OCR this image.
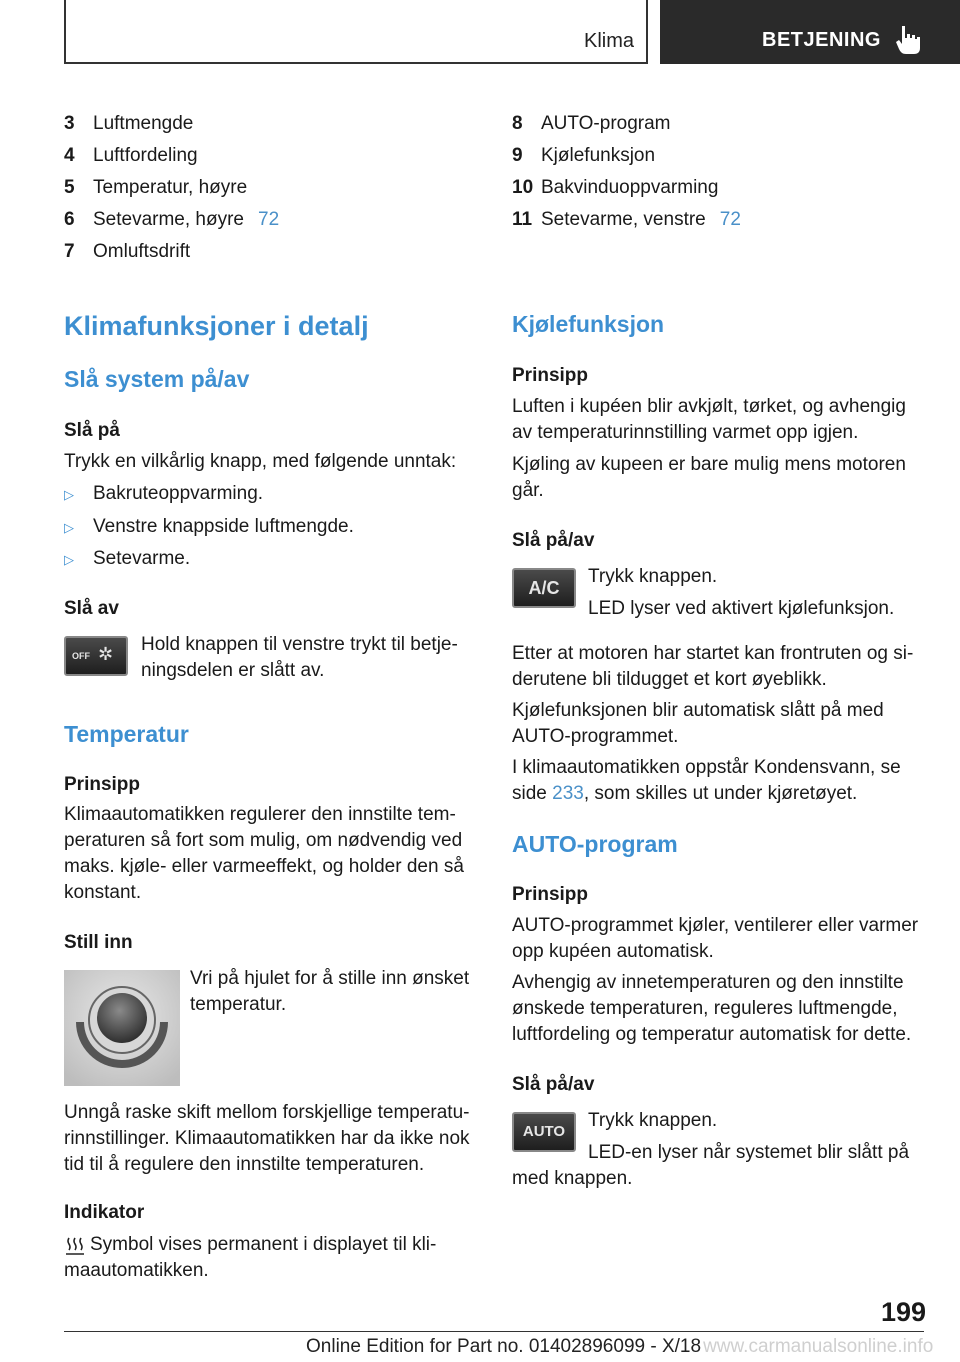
Klima	BETJENING
3 Luftmengde
4 Luftfordeling
5 Temperatur, høyre
6 Setevarme, høyre 72
7 Omluftsdrift
8 AUTO-program
9 Kjølefunksjon
10 Bakvinduoppvarming
11 Setevarme, venstre 72
Klimafunksjoner i detalj
Slå system på/av
Slå på
Trykk en vilkårlig knapp, med følgende unntak:
▷ Bakruteoppvarming.
▷ Venstre knappside luftmengde.
▷ Setevarme.
Slå av
OFF ✲ Hold knappen til venstre trykt til betje-
ningsdelen er slått av.
Temperatur
Prinsipp
Klimaautomatikken regulerer den innstilte tem-
peraturen så fort som mulig, om nødvendig ved
maks. kjøle- eller varmeeffekt, og holder den så
konstant.
Still inn
Vri på hjulet for å stille inn ønsket
temperatur.
Unngå raske skift mellom forskjellige temperatu-
rinnstillinger. Klimaautomatikken har da ikke nok
tid til å regulere den innstilte temperaturen.
Indikator
Symbol vises permanent i displayet til kli-
maautomatikken.
Kjølefunksjon
Prinsipp
Luften i kupéen blir avkjølt, tørket, og avhengig
av temperaturinnstilling varmet opp igjen.
Kjøling av kupeen er bare mulig mens motoren
går.
Slå på/av
A/C
Trykk knappen.
LED lyser ved aktivert kjølefunksjon.
Etter at motoren har startet kan frontruten og si-
derutene bli tildugget et kort øyeblikk.
Kjølefunksjonen blir automatisk slått på med
AUTO-programmet.
I klimaautomatikken oppstår Kondensvann, se
side 233, som skilles ut under kjøretøyet.
AUTO-program
Prinsipp
AUTO-programmet kjøler, ventilerer eller varmer
opp kupéen automatisk.
Avhengig av innetemperaturen og den innstilte
ønskede temperaturen, reguleres luftmengde,
luftfordeling og temperatur automatisk for dette.
Slå på/av
AUTO
Trykk knappen.
LED-en lyser når systemet blir slått på
med knappen.
199
Online Edition for Part no. 01402896099 - X/18 www.carmanualsonline.info
